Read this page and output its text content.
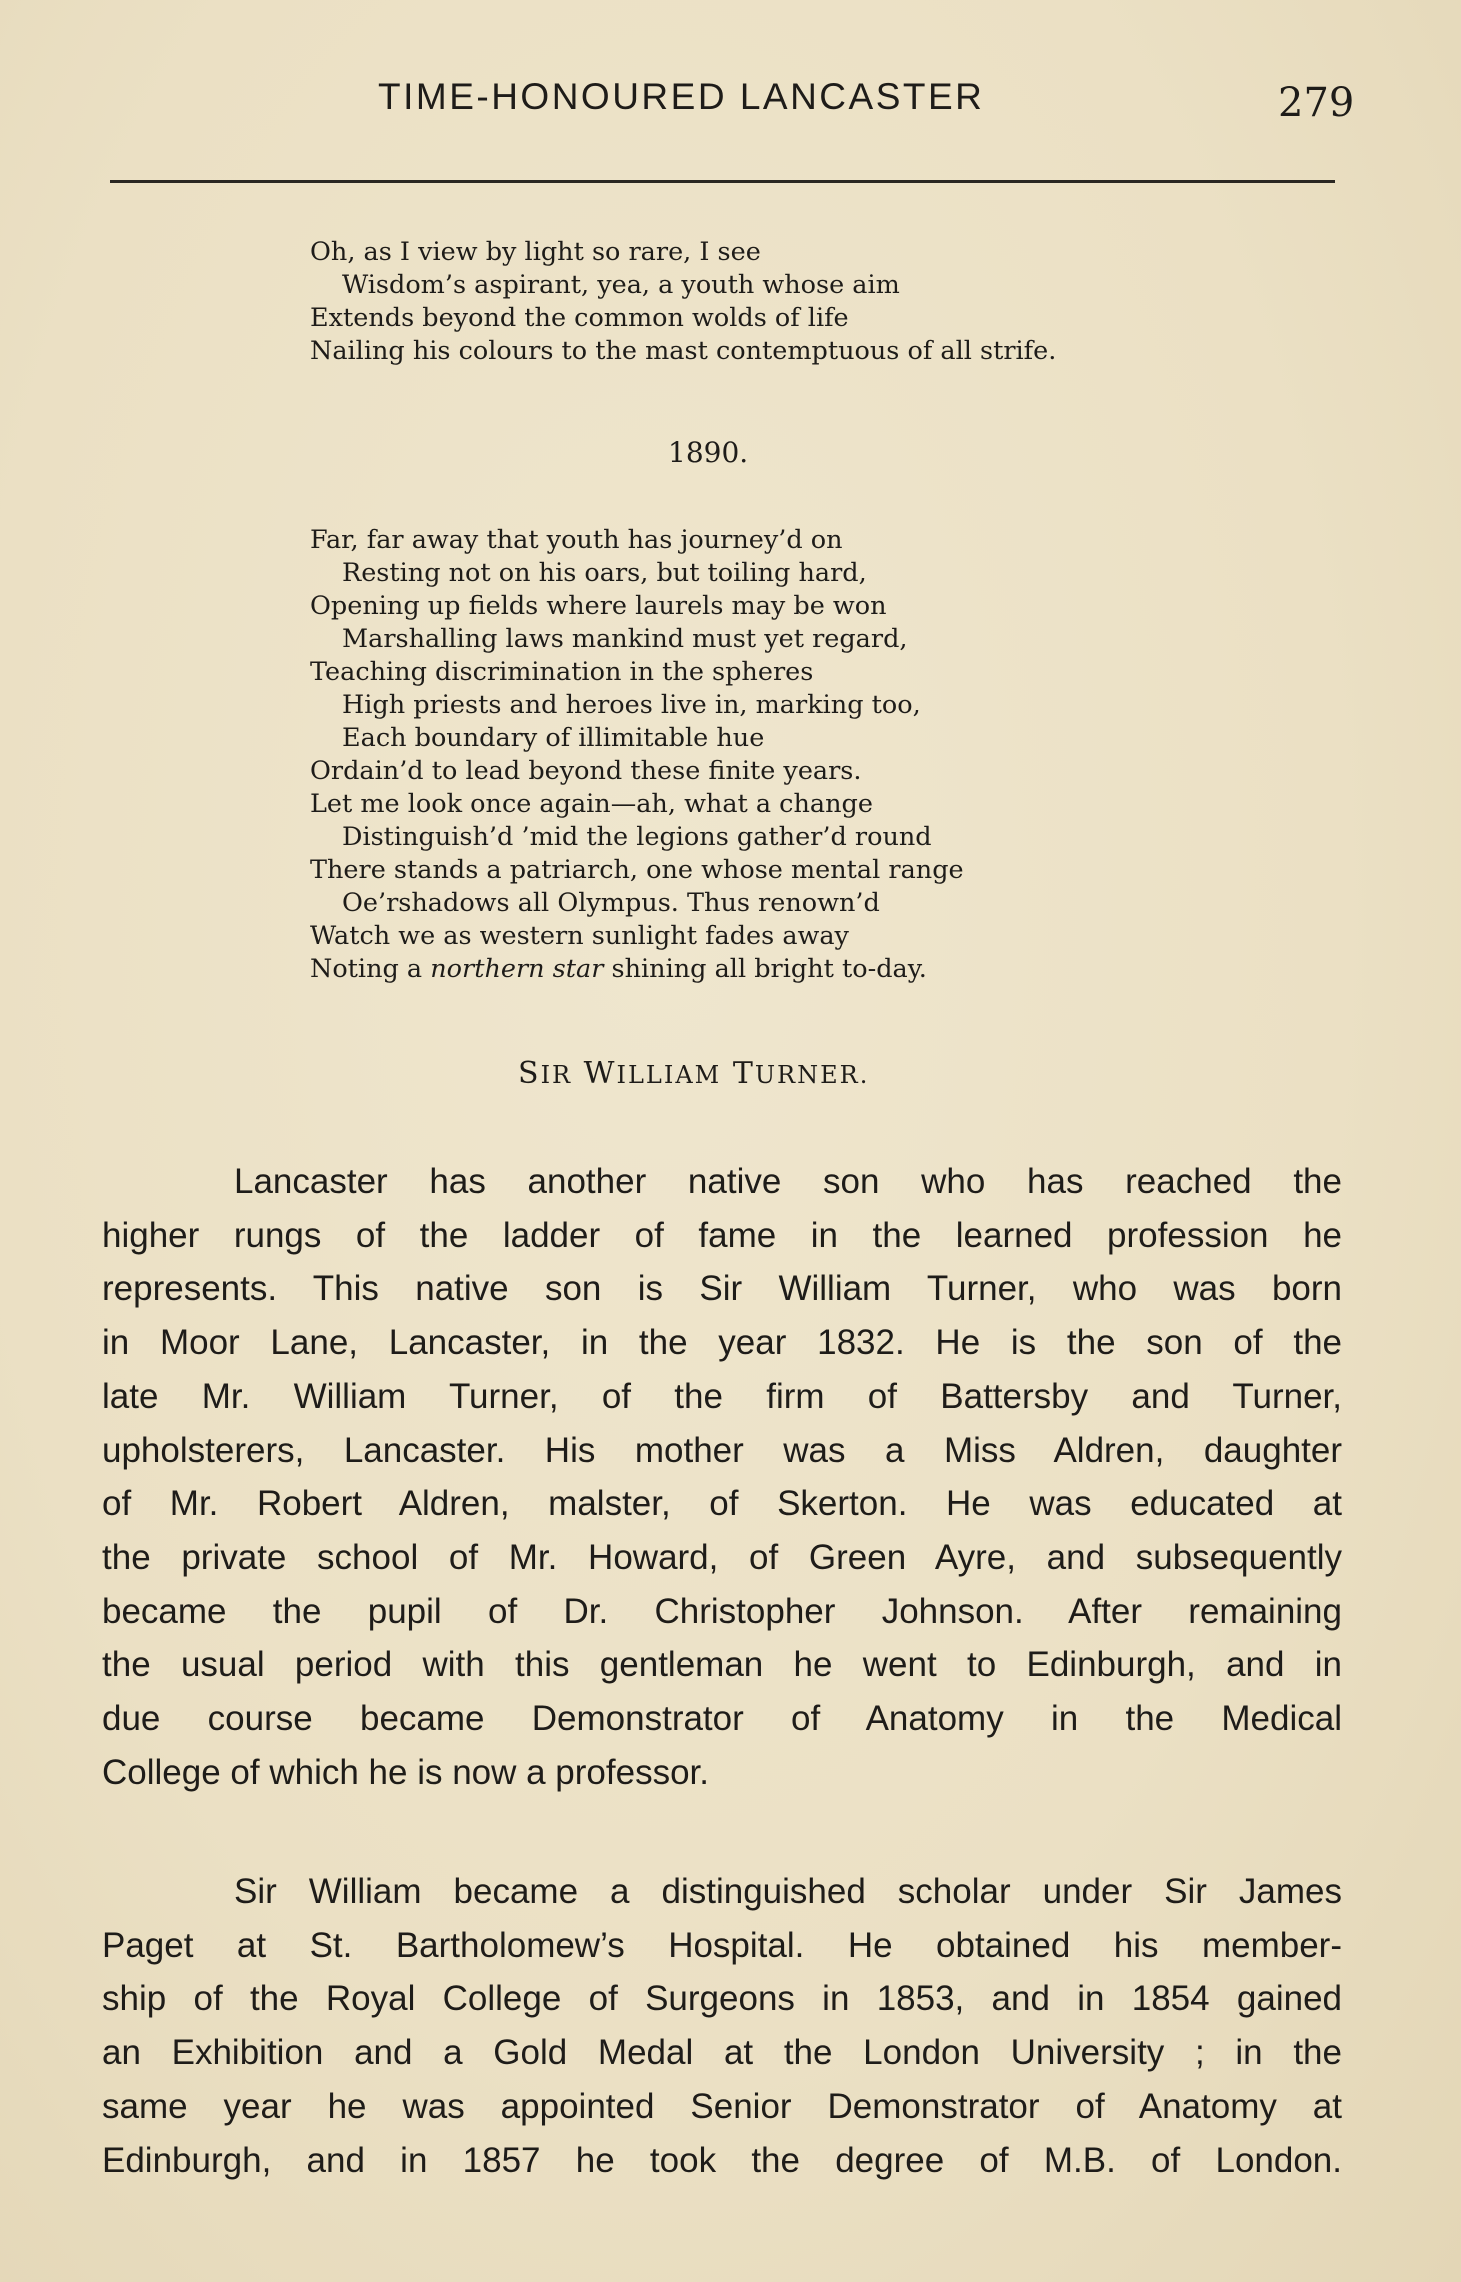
TIME-HONOURED LANCASTER	279
Oh, as I view by light so rare, I see
Wisdom’s aspirant, yea, a youth whose aim
Extends beyond the common wolds of life
Nailing his colours to the mast contemptuous of all strife.
1890.
Far, far away that youth has journey’d on
Resting not on his oars, but toiling hard,
Opening up fields where laurels may be won
Marshalling laws mankind must yet regard,
Teaching discrimination in the spheres
High priests and heroes live in, marking too,
Each boundary of illimitable hue
Ordain’d to lead beyond these finite years.
Let me look once again—ah, what a change
Distinguish’d ’mid the legions gather’d round
There stands a patriarch, one whose mental range
Oe’rshadows all Olympus. Thus renown’d
Watch we as western sunlight fades away
Noting a northern star shining all bright to-day.
SIR WILLIAM TURNER.
Lancaster has another native son who has reached the
higher rungs of the ladder of fame in the learned profession he
represents. This native son is Sir William Turner, who was born
in Moor Lane, Lancaster, in the year 1832. He is the son of the
late Mr. William Turner, of the firm of Battersby and Turner,
upholsterers, Lancaster. His mother was a Miss Aldren, daughter
of Mr. Robert Aldren, malster, of Skerton. He was educated at
the private school of Mr. Howard, of Green Ayre, and subsequently
became the pupil of Dr. Christopher Johnson. After remaining
the usual period with this gentleman he went to Edinburgh, and in
due course became Demonstrator of Anatomy in the Medical
College of which he is now a professor.
Sir William became a distinguished scholar under Sir James
Paget at St. Bartholomew’s Hospital. He obtained his member-
ship of the Royal College of Surgeons in 1853, and in 1854 gained
an Exhibition and a Gold Medal at the London University ; in the
same year he was appointed Senior Demonstrator of Anatomy at
Edinburgh, and in 1857 he took the degree of M.B. of London.
